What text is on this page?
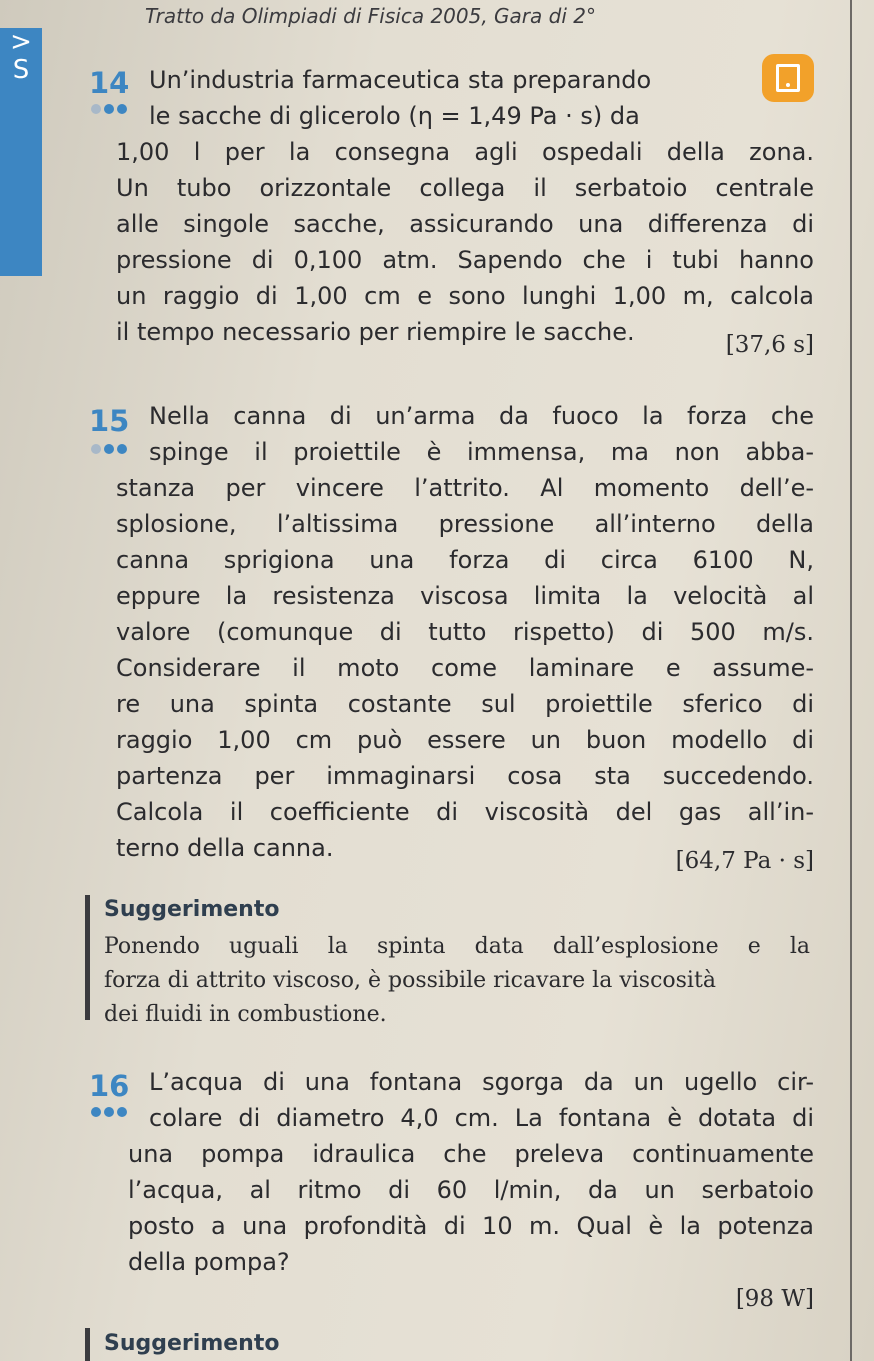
>
S
Tratto da Olimpiadi di Fisica 2005, Gara di 2°
14 Un’industria farmaceutica sta preparando
le sacche di glicerolo (η = 1,49 Pa · s) da
1,00 l per la consegna agli ospedali della zona.
Un tubo orizzontale collega il serbatoio centrale
alle singole sacche, assicurando una differenza di
pressione di 0,100 atm. Sapendo che i tubi hanno
un raggio di 1,00 cm e sono lunghi 1,00 m, calcola
il tempo necessario per riempire le sacche.	[37,6 s]
15 Nella canna di un’arma da fuoco la forza che
spinge il proiettile è immensa, ma non abba-
stanza per vincere l’attrito. Al momento dell’e-
splosione, l’altissima pressione all’interno della
canna sprigiona una forza di circa 6100 N,
eppure la resistenza viscosa limita la velocità al
valore (comunque di tutto rispetto) di 500 m/s.
Considerare il moto come laminare e assume-
re una spinta costante sul proiettile sferico di
raggio 1,00 cm può essere un buon modello di
partenza per immaginarsi cosa sta succedendo.
Calcola il coefficiente di viscosità del gas all’in-
terno della canna.	[64,7 Pa · s]
Suggerimento
Ponendo uguali la spinta data dall’esplosione e la
forza di attrito viscoso, è possibile ricavare la viscosità
dei fluidi in combustione.
16 L’acqua di una fontana sgorga da un ugello cir-
colare di diametro 4,0 cm. La fontana è dotata di
una pompa idraulica che preleva continuamente
l’acqua, al ritmo di 60 l/min, da un serbatoio
posto a una profondità di 10 m. Qual è la potenza
della pompa?
[98 W]
Suggerimento
